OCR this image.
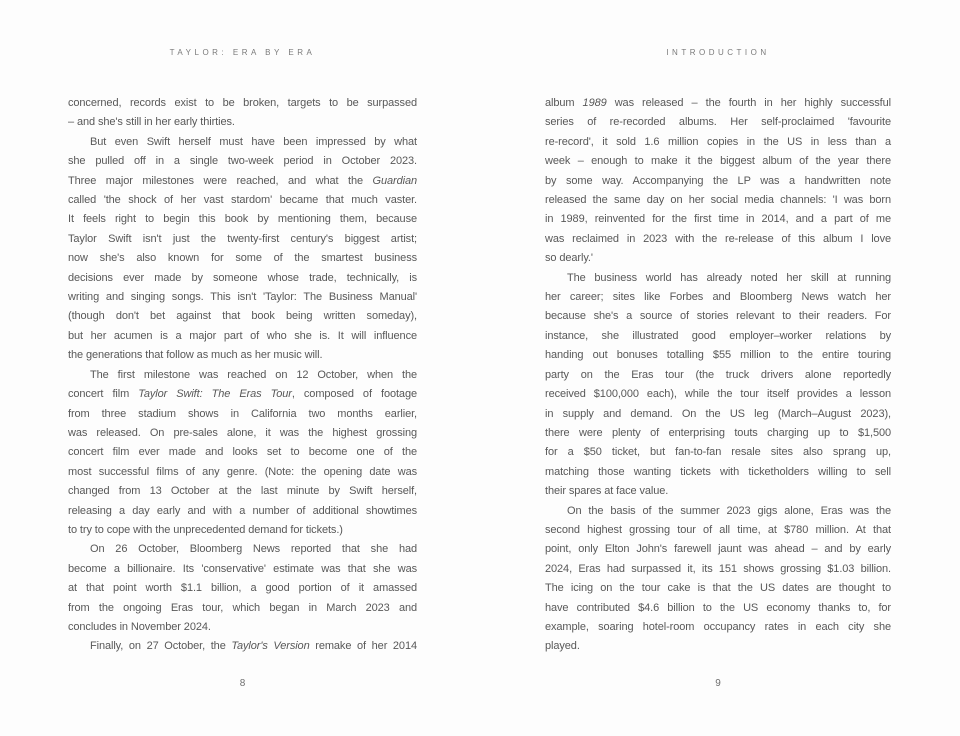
TAYLOR: ERA BY ERA
concerned, records exist to be broken, targets to be surpassed
– and she's still in her early thirties.
But even Swift herself must have been impressed by what
she pulled off in a single two-week period in October 2023.
Three major milestones were reached, and what the Guardian
called 'the shock of her vast stardom' became that much vaster.
It feels right to begin this book by mentioning them, because
Taylor Swift isn't just the twenty-first century's biggest artist;
now she's also known for some of the smartest business
decisions ever made by someone whose trade, technically, is
writing and singing songs. This isn't 'Taylor: The Business Manual'
(though don't bet against that book being written someday),
but her acumen is a major part of who she is. It will influence
the generations that follow as much as her music will.
The first milestone was reached on 12 October, when the
concert film Taylor Swift: The Eras Tour, composed of footage
from three stadium shows in California two months earlier,
was released. On pre-sales alone, it was the highest grossing
concert film ever made and looks set to become one of the
most successful films of any genre. (Note: the opening date was
changed from 13 October at the last minute by Swift herself,
releasing a day early and with a number of additional showtimes
to try to cope with the unprecedented demand for tickets.)
On 26 October, Bloomberg News reported that she had
become a billionaire. Its 'conservative' estimate was that she was
at that point worth $1.1 billion, a good portion of it amassed
from the ongoing Eras tour, which began in March 2023 and
concludes in November 2024.
Finally, on 27 October, the Taylor's Version remake of her 2014
8
INTRODUCTION
album 1989 was released – the fourth in her highly successful
series of re-recorded albums. Her self-proclaimed 'favourite
re-record', it sold 1.6 million copies in the US in less than a
week – enough to make it the biggest album of the year there
by some way. Accompanying the LP was a handwritten note
released the same day on her social media channels: 'I was born
in 1989, reinvented for the first time in 2014, and a part of me
was reclaimed in 2023 with the re-release of this album I love
so dearly.'
The business world has already noted her skill at running
her career; sites like Forbes and Bloomberg News watch her
because she's a source of stories relevant to their readers. For
instance, she illustrated good employer–worker relations by
handing out bonuses totalling $55 million to the entire touring
party on the Eras tour (the truck drivers alone reportedly
received $100,000 each), while the tour itself provides a lesson
in supply and demand. On the US leg (March–August 2023),
there were plenty of enterprising touts charging up to $1,500
for a $50 ticket, but fan-to-fan resale sites also sprang up,
matching those wanting tickets with ticketholders willing to sell
their spares at face value.
On the basis of the summer 2023 gigs alone, Eras was the
second highest grossing tour of all time, at $780 million. At that
point, only Elton John's farewell jaunt was ahead – and by early
2024, Eras had surpassed it, its 151 shows grossing $1.03 billion.
The icing on the tour cake is that the US dates are thought to
have contributed $4.6 billion to the US economy thanks to, for
example, soaring hotel-room occupancy rates in each city she
played.
9
